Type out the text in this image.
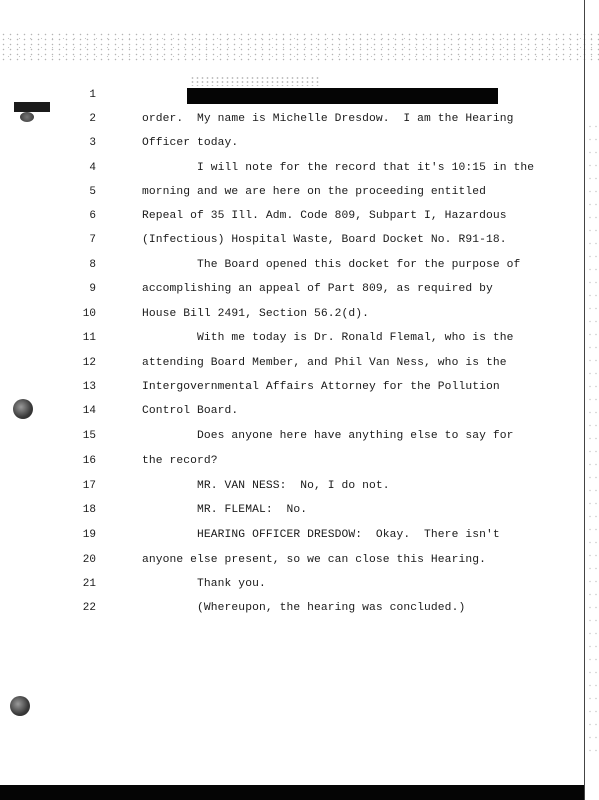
1
2
3
4
5
6
7
8
9
10
11
12
13
14
15
16
17
18
19
20
21
22
order.  My name is Michelle Dresdow.  I am the Hearing
Officer today.
I will note for the record that it's 10:15 in the
morning and we are here on the proceeding entitled
Repeal of 35 Ill. Adm. Code 809, Subpart I, Hazardous
(Infectious) Hospital Waste, Board Docket No. R91-18.
The Board opened this docket for the purpose of
accomplishing an appeal of Part 809, as required by
House Bill 2491, Section 56.2(d).
With me today is Dr. Ronald Flemal, who is the
attending Board Member, and Phil Van Ness, who is the
Intergovernmental Affairs Attorney for the Pollution
Control Board.
Does anyone here have anything else to say for
the record?
MR. VAN NESS:  No, I do not.
MR. FLEMAL:  No.
HEARING OFFICER DRESDOW:  Okay.  There isn't
anyone else present, so we can close this Hearing.
Thank you.
(Whereupon, the hearing was concluded.)
